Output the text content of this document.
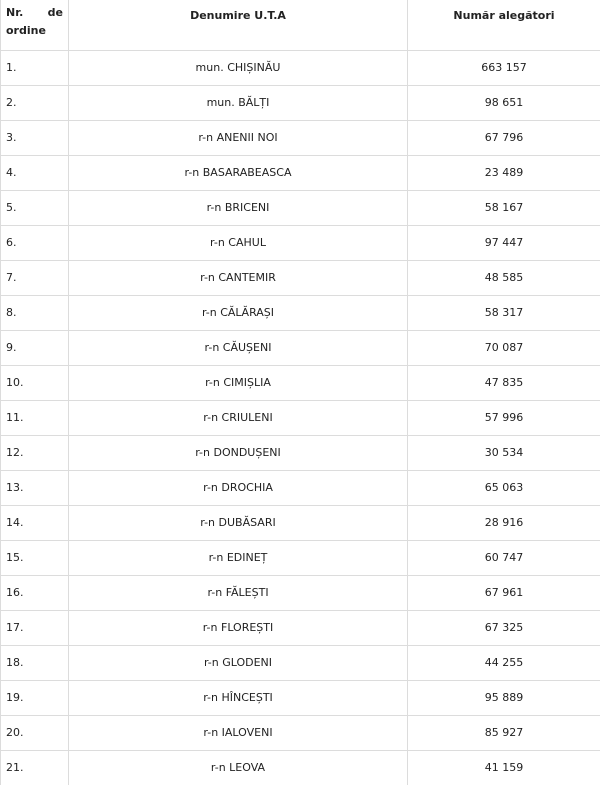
Nr. de ordine	Denumire U.T.A	Număr alegători
1.	mun. CHIȘINĂU	663 157
2.	mun. BĂLȚI	98 651
3.	r-n ANENII NOI	67 796
4.	r-n BASARABEASCA	23 489
5.	r-n BRICENI	58 167
6.	r-n CAHUL	97 447
7.	r-n CANTEMIR	48 585
8.	r-n CĂLĂRAȘI	58 317
9.	r-n CĂUȘENI	70 087
10.	r-n CIMIȘLIA	47 835
11.	r-n CRIULENI	57 996
12.	r-n DONDUȘENI	30 534
13.	r-n DROCHIA	65 063
14.	r-n DUBĂSARI	28 916
15.	r-n EDINEȚ	60 747
16.	r-n FĂLEȘTI	67 961
17.	r-n FLOREȘTI	67 325
18.	r-n GLODENI	44 255
19.	r-n HÎNCEȘTI	95 889
20.	r-n IALOVENI	85 927
21.	r-n LEOVA	41 159
